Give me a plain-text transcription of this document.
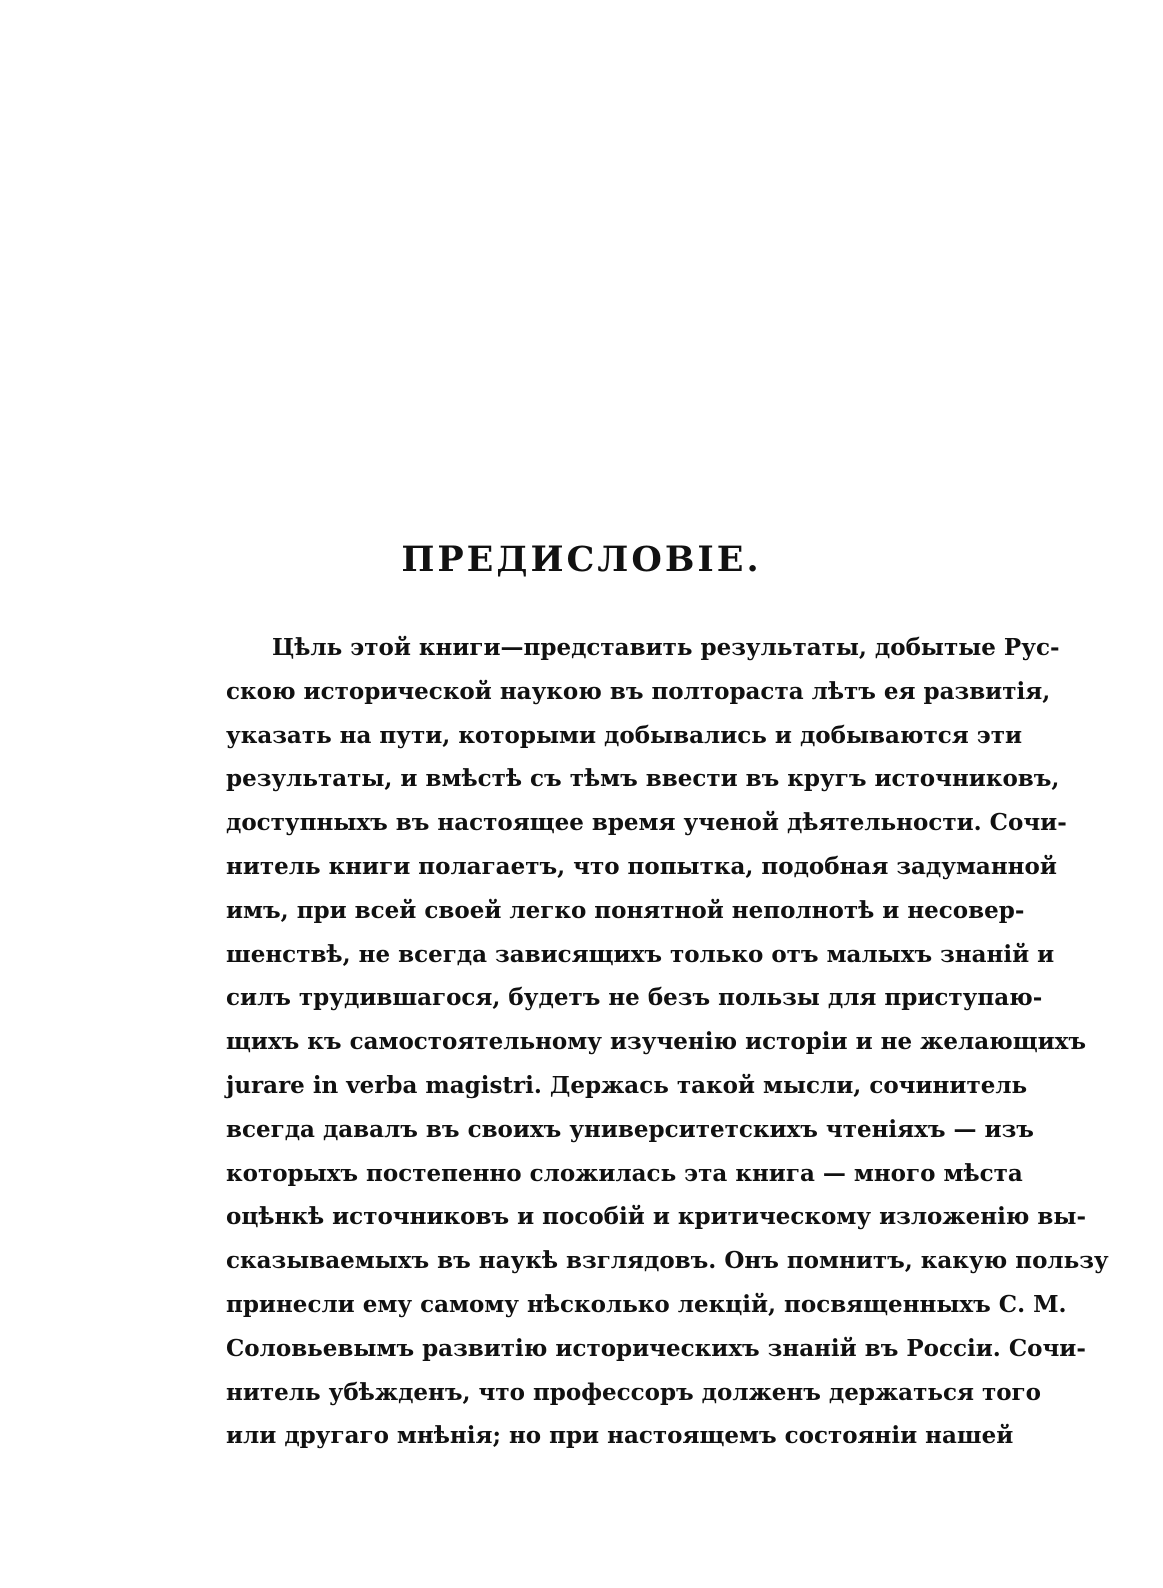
ПРЕДИСЛОВІЕ.
Цѣль этой книги—представить результаты, добытые Рус-
скою исторической наукою въ полтораста лѣтъ ея развитія,
указать на пути, которыми добывались и добываются эти
результаты, и вмѣстѣ съ тѣмъ ввести въ кругъ источниковъ,
доступныхъ въ настоящее время ученой дѣятельности. Сочи-
нитель книги полагаетъ, что попытка, подобная задуманной
имъ, при всей своей легко понятной неполнотѣ и несовер-
шенствѣ, не всегда зависящихъ только отъ малыхъ знаній и
силъ трудившагося, будетъ не безъ пользы для приступаю-
щихъ къ самостоятельному изученію исторіи и не желающихъ
jurare in verba magistri. Держась такой мысли, сочинитель
всегда давалъ въ своихъ университетскихъ чтеніяхъ — изъ
которыхъ постепенно сложилась эта книга — много мѣста
оцѣнкѣ источниковъ и пособій и критическому изложенію вы-
сказываемыхъ въ наукѣ взглядовъ. Онъ помнитъ, какую пользу
принесли ему самому нѣсколько лекцій, посвященныхъ С. М.
Соловьевымъ развитію историческихъ знаній въ Россіи. Сочи-
нитель убѣжденъ, что профессоръ долженъ держаться того
или другаго мнѣнія; но при настоящемъ состояніи нашей
